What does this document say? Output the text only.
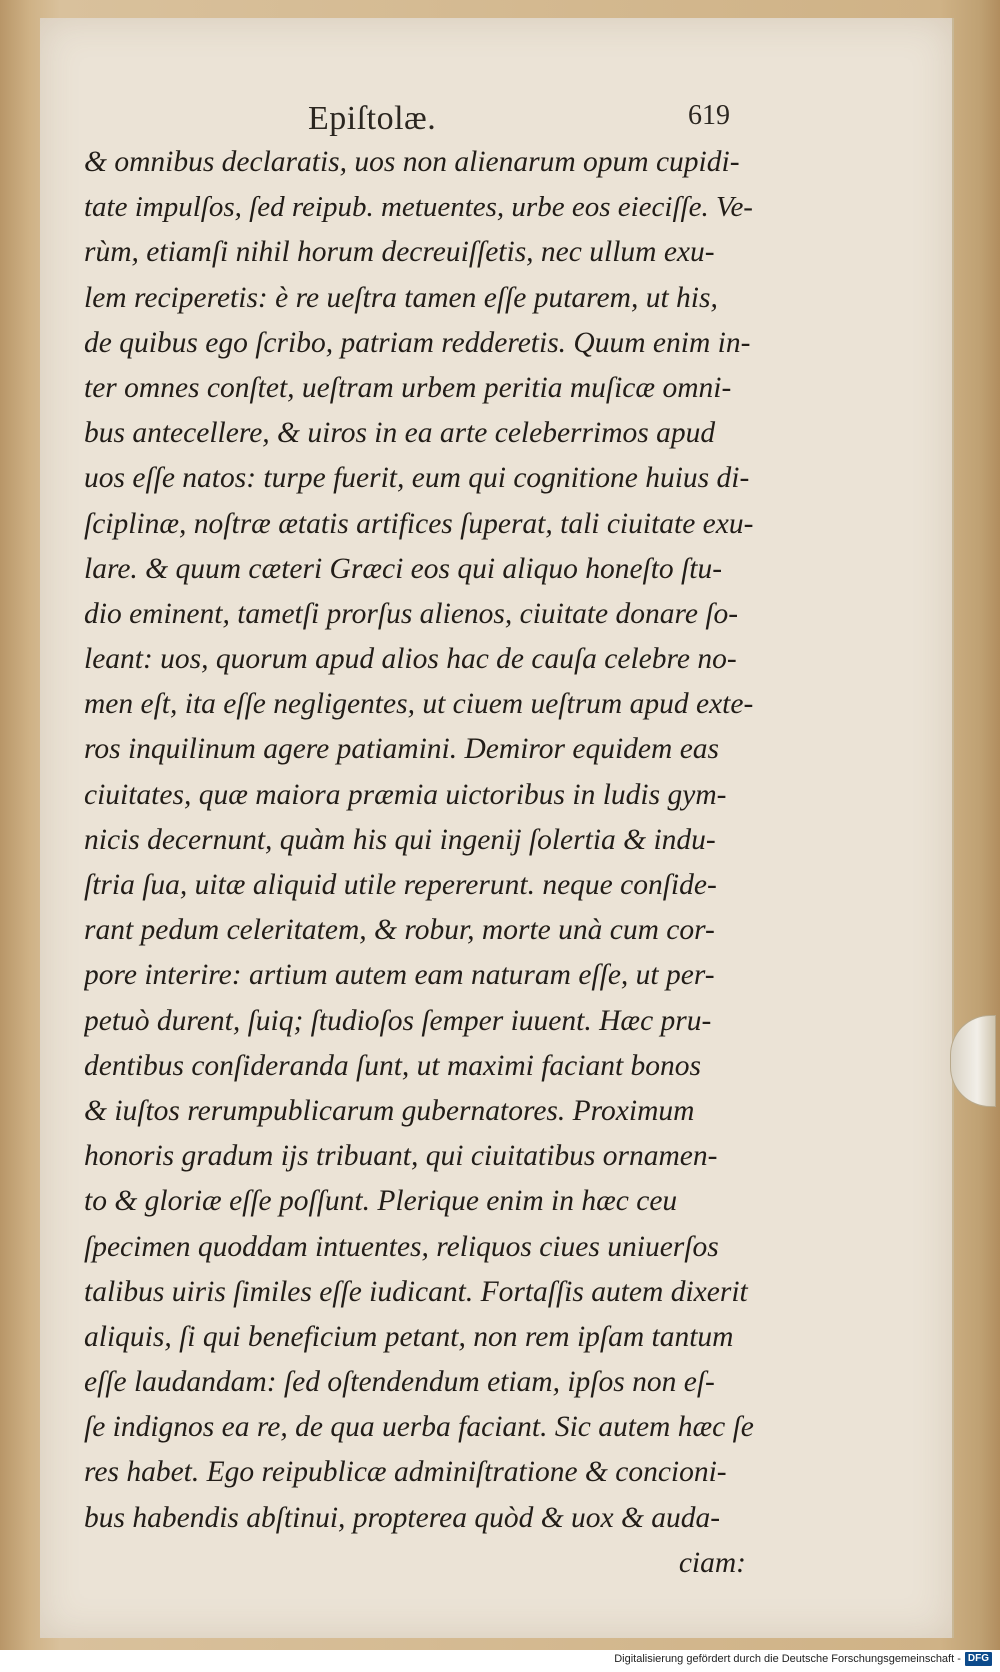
Epiſtolæ.	619
& omnibus declaratis, uos non alienarum opum cupidi-
tate impulſos, ſed reipub. metuentes, urbe eos eieciſſe. Ve-
rùm, etiamſi nihil horum decreuiſſetis, nec ullum exu-
lem reciperetis: è re ueſtra tamen eſſe putarem, ut his,
de quibus ego ſcribo, patriam redderetis. Quum enim in-
ter omnes conſtet, ueſtram urbem peritia muſicæ omni-
bus antecellere, & uiros in ea arte celeberrimos apud
uos eſſe natos: turpe fuerit, eum qui cognitione huius di-
ſciplinæ, noſtræ ætatis artifices ſuperat, tali ciuitate exu-
lare. & quum cæteri Græci eos qui aliquo honeſto ſtu-
dio eminent, tametſi prorſus alienos, ciuitate donare ſo-
leant: uos, quorum apud alios hac de cauſa celebre no-
men eſt, ita eſſe negligentes, ut ciuem ueſtrum apud exte-
ros inquilinum agere patiamini. Demiror equidem eas
ciuitates, quæ maiora præmia uictoribus in ludis gym-
nicis decernunt, quàm his qui ingenij ſolertia & indu-
ſtria ſua, uitæ aliquid utile repererunt. neque conſide-
rant pedum celeritatem, & robur, morte unà cum cor-
pore interire: artium autem eam naturam eſſe, ut per-
petuò durent, ſuiq; ſtudioſos ſemper iuuent. Hæc pru-
dentibus conſideranda ſunt, ut maximi faciant bonos
& iuſtos rerumpublicarum gubernatores. Proximum
honoris gradum ijs tribuant, qui ciuitatibus ornamen-
to & gloriæ eſſe poſſunt. Plerique enim in hæc ceu
ſpecimen quoddam intuentes, reliquos ciues uniuerſos
talibus uiris ſimiles eſſe iudicant. Fortaſſis autem dixerit
aliquis, ſi qui beneficium petant, non rem ipſam tantum
eſſe laudandam: ſed oſtendendum etiam, ipſos non eſ-
ſe indignos ea re, de qua uerba faciant. Sic autem hæc ſe
res habet. Ego reipublicæ adminiſtratione & concioni-
bus habendis abſtinui, propterea quòd & uox & auda-
ciam:
Digitalisierung gefördert durch die Deutsche Forschungsgemeinschaft - DFG
